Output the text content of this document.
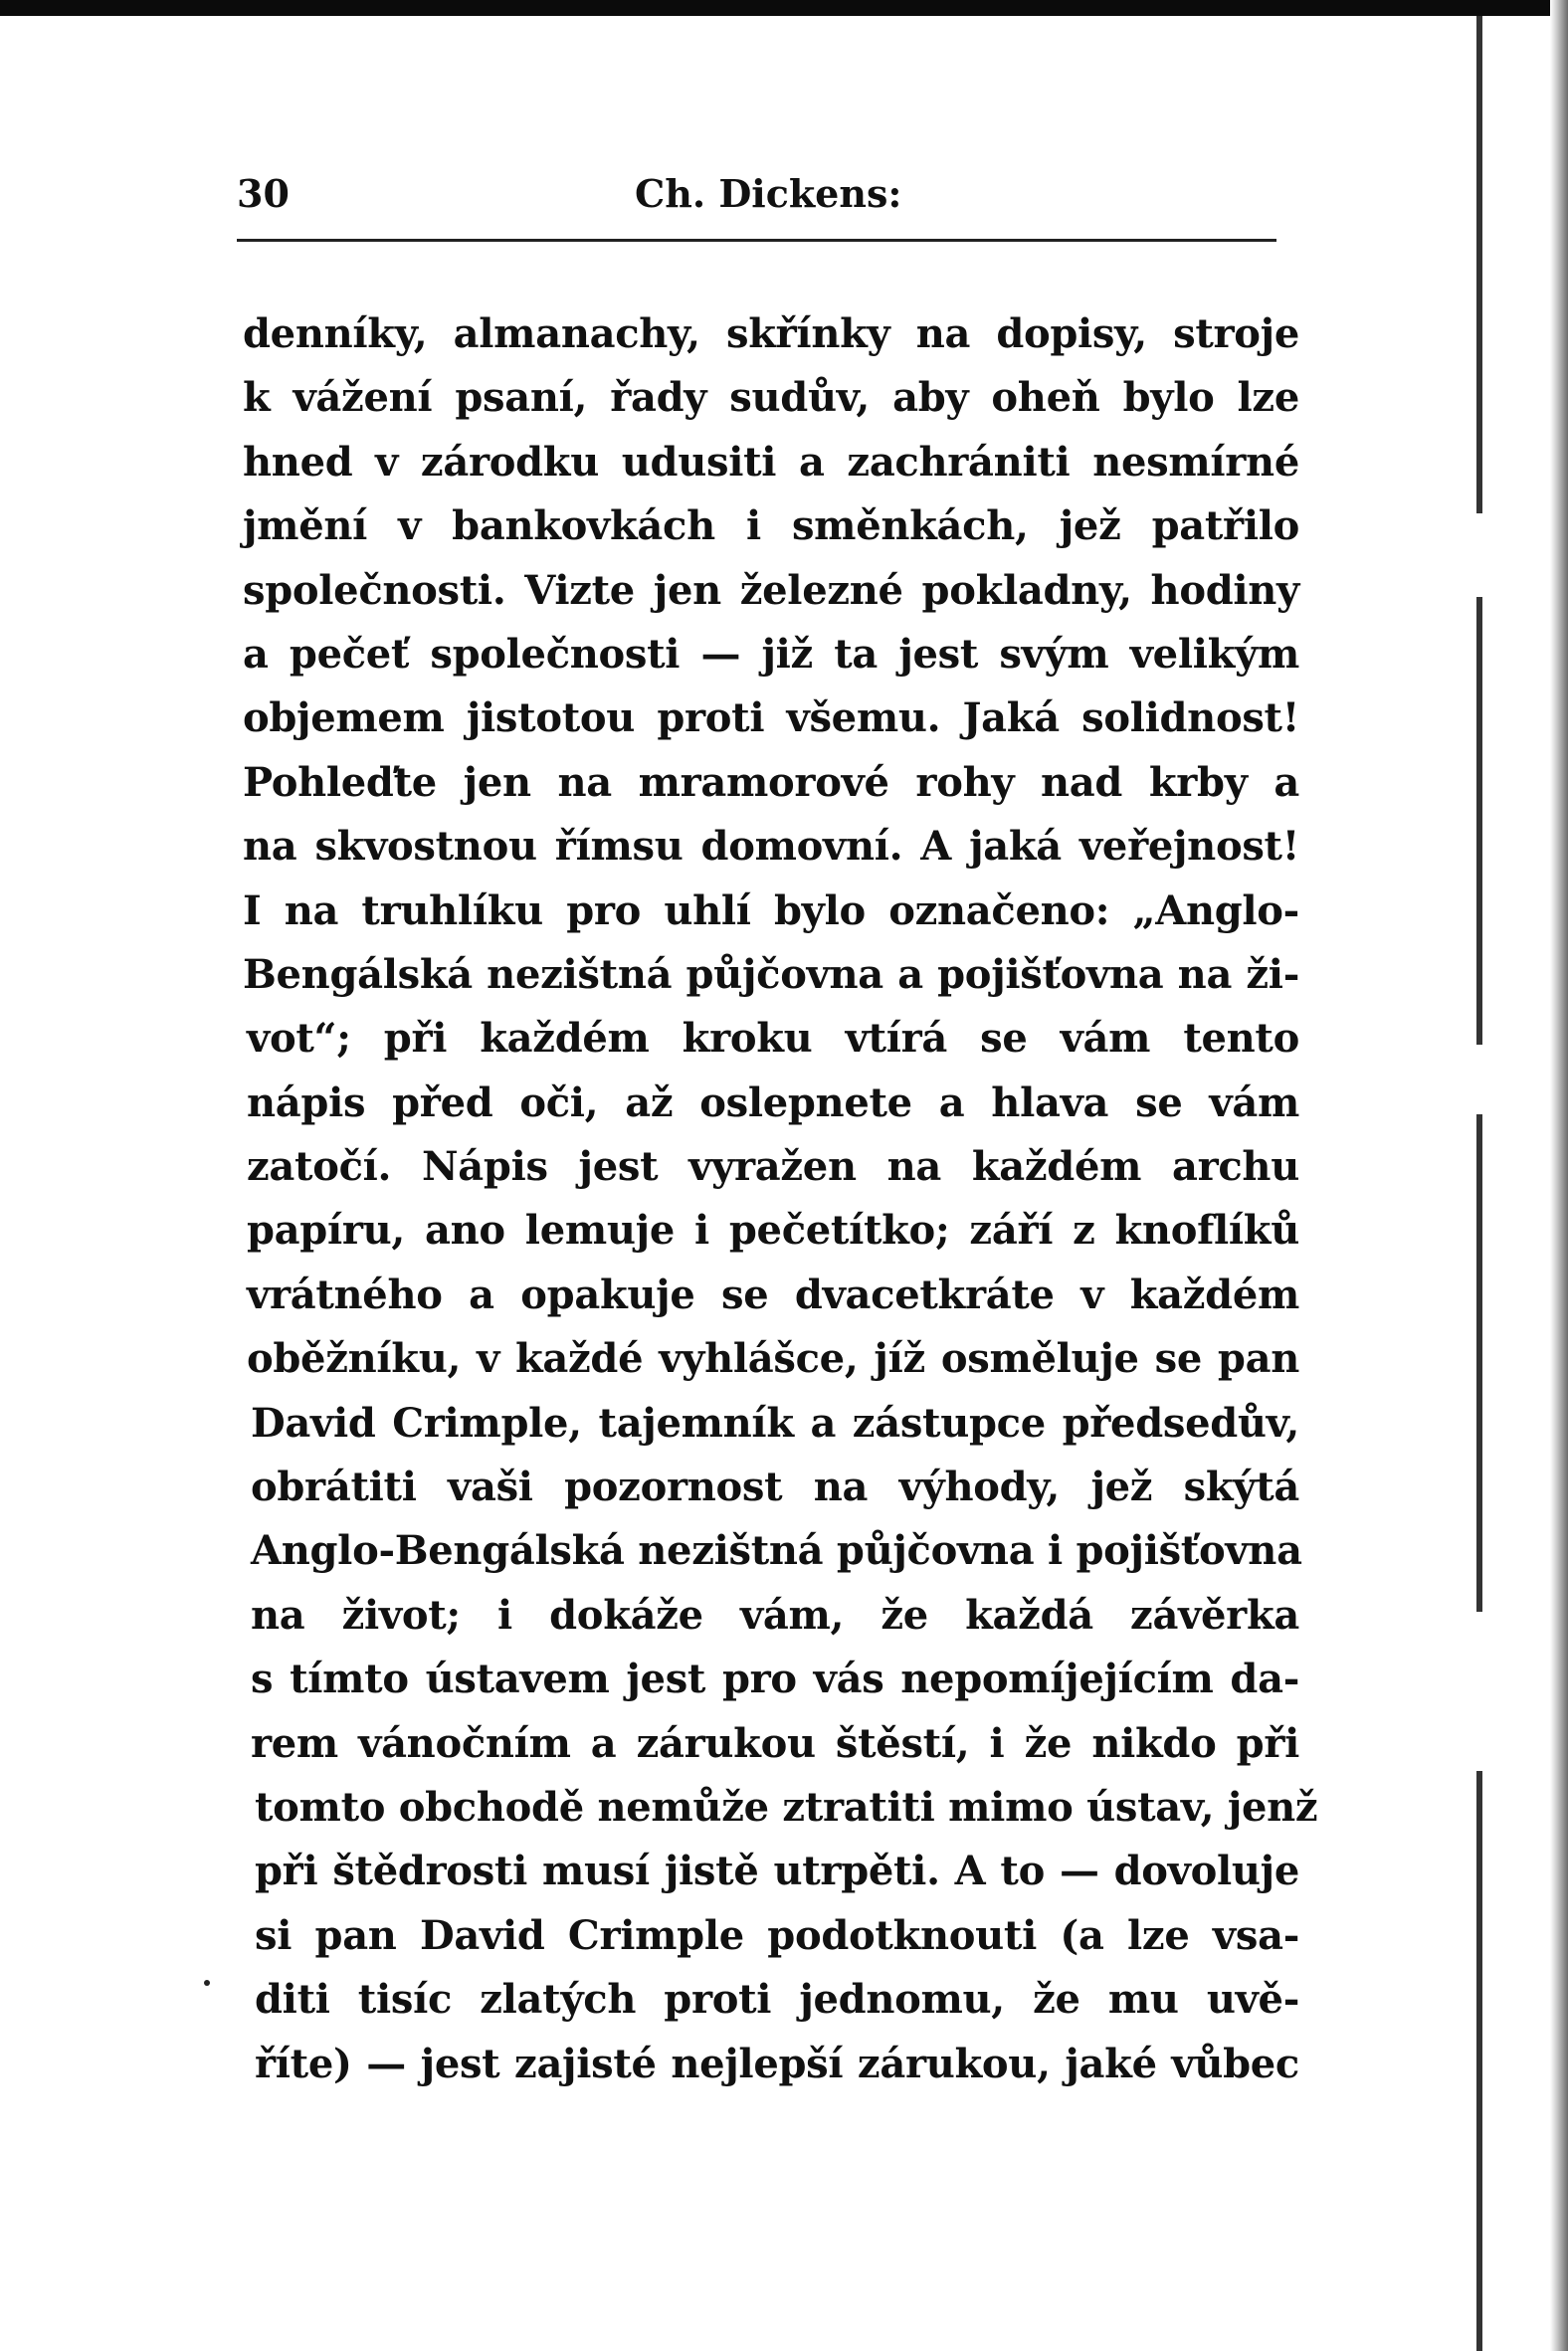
30	Ch. Dickens:
denníky, almanachy, skřínky na dopisy, stroje
k vážení psaní, řady sudův, aby oheň bylo lze
hned v zárodku udusiti a zachrániti nesmírné
jmění v bankovkách i směnkách, jež patřilo
společnosti. Vizte jen železné pokladny, hodiny
a pečeť společnosti — již ta jest svým velikým
objemem jistotou proti všemu. Jaká solidnost!
Pohleďte jen na mramorové rohy nad krby a
na skvostnou římsu domovní. A jaká veřejnost!
I na truhlíku pro uhlí bylo označeno: „Anglo-
Bengálská nezištná půjčovna a pojišťovna na ži-
vot“; při každém kroku vtírá se vám tento
nápis před oči, až oslepnete a hlava se vám
zatočí. Nápis jest vyražen na každém archu
papíru, ano lemuje i pečetítko; září z knoflíků
vrátného a opakuje se dvacetkráte v každém
oběžníku, v každé vyhlášce, jíž osměluje se pan
David Crimple, tajemník a zástupce předsedův,
obrátiti vaši pozornost na výhody, jež skýtá
Anglo-Bengálská nezištná půjčovna i pojišťovna
na život; i dokáže vám, že každá závěrka
s tímto ústavem jest pro vás nepomíjejícím da-
rem vánočním a zárukou štěstí, i že nikdo při
tomto obchodě nemůže ztratiti mimo ústav, jenž
při štědrosti musí jistě utrpěti. A to — dovoluje
si pan David Crimple podotknouti (a lze vsa-
diti tisíc zlatých proti jednomu, že mu uvě-
říte) — jest zajisté nejlepší zárukou, jaké vůbec
